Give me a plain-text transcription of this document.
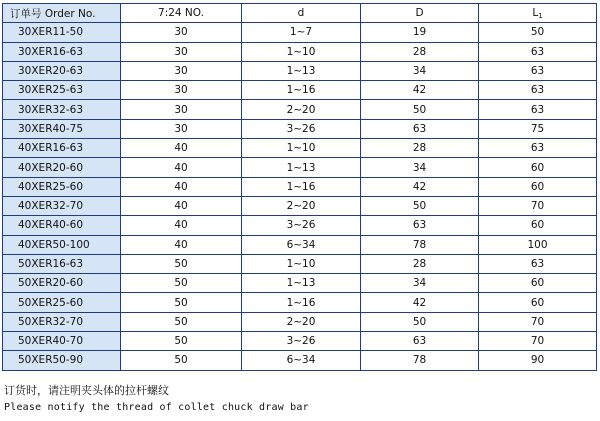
订单号 Order No.	7:24 NO.	d	D	$L_1$
30XER11-50	30	1~7	19	50
30XER16-63	30	1~10	28	63
30XER20-63	30	1~13	34	63
30XER25-63	30	1~16	42	63
30XER32-63	30	2~20	50	63
30XER40-75	30	3~26	63	75
40XER16-63	40	1~10	28	63
40XER20-60	40	1~13	34	60
40XER25-60	40	1~16	42	60
40XER32-70	40	2~20	50	70
40XER40-60	40	3~26	63	60
40XER50-100	40	6~34	78	100
50XER16-63	50	1~10	28	63
50XER20-60	50	1~13	34	60
50XER25-60	50	1~16	42	60
50XER32-70	50	2~20	50	70
50XER40-70	50	3~26	63	70
50XER50-90	50	6~34	78	90
订货时，请注明夹头体的拉杆螺纹
Please notify the thread of collet chuck draw bar
